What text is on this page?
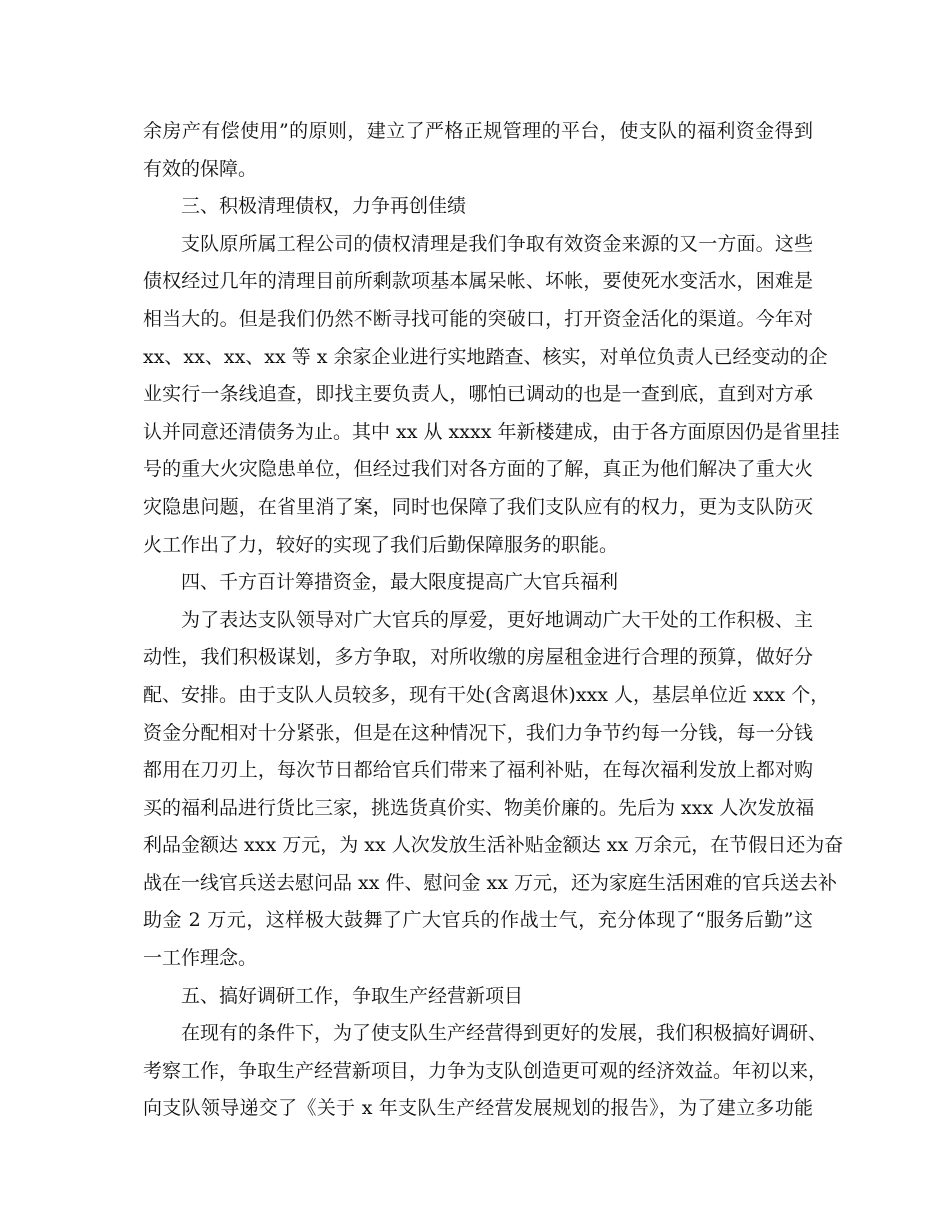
余房产有偿使用”的原则，建立了严格正规管理的平台，使支队的福利资金得到
有效的保障。
三、积极清理债权，力争再创佳绩
支队原所属工程公司的债权清理是我们争取有效资金来源的又一方面。这些
债权经过几年的清理目前所剩款项基本属呆帐、坏帐，要使死水变活水，困难是
相当大的。但是我们仍然不断寻找可能的突破口，打开资金活化的渠道。今年对
xx、xx、xx、xx 等 x 余家企业进行实地踏查、核实，对单位负责人已经变动的企
业实行一条线追查，即找主要负责人，哪怕已调动的也是一查到底，直到对方承
认并同意还清债务为止。其中 xx 从 xxxx 年新楼建成，由于各方面原因仍是省里挂
号的重大火灾隐患单位，但经过我们对各方面的了解，真正为他们解决了重大火
灾隐患问题，在省里消了案，同时也保障了我们支队应有的权力，更为支队防灭
火工作出了力，较好的实现了我们后勤保障服务的职能。
四、千方百计筹措资金，最大限度提高广大官兵福利
为了表达支队领导对广大官兵的厚爱，更好地调动广大干处的工作积极、主
动性，我们积极谋划，多方争取，对所收缴的房屋租金进行合理的预算，做好分
配、安排。由于支队人员较多，现有干处(含离退休)xxx 人，基层单位近 xxx 个，
资金分配相对十分紧张，但是在这种情况下，我们力争节约每一分钱，每一分钱
都用在刀刃上，每次节日都给官兵们带来了福利补贴，在每次福利发放上都对购
买的福利品进行货比三家，挑选货真价实、物美价廉的。先后为 xxx 人次发放福
利品金额达 xxx 万元，为 xx 人次发放生活补贴金额达 xx 万余元，在节假日还为奋
战在一线官兵送去慰问品 xx 件、慰问金 xx 万元，还为家庭生活困难的官兵送去补
助金 2 万元，这样极大鼓舞了广大官兵的作战士气，充分体现了“服务后勤”这
一工作理念。
五、搞好调研工作，争取生产经营新项目
在现有的条件下，为了使支队生产经营得到更好的发展，我们积极搞好调研、
考察工作，争取生产经营新项目，力争为支队创造更可观的经济效益。年初以来，
向支队领导递交了《关于 x 年支队生产经营发展规划的报告》，为了建立多功能
